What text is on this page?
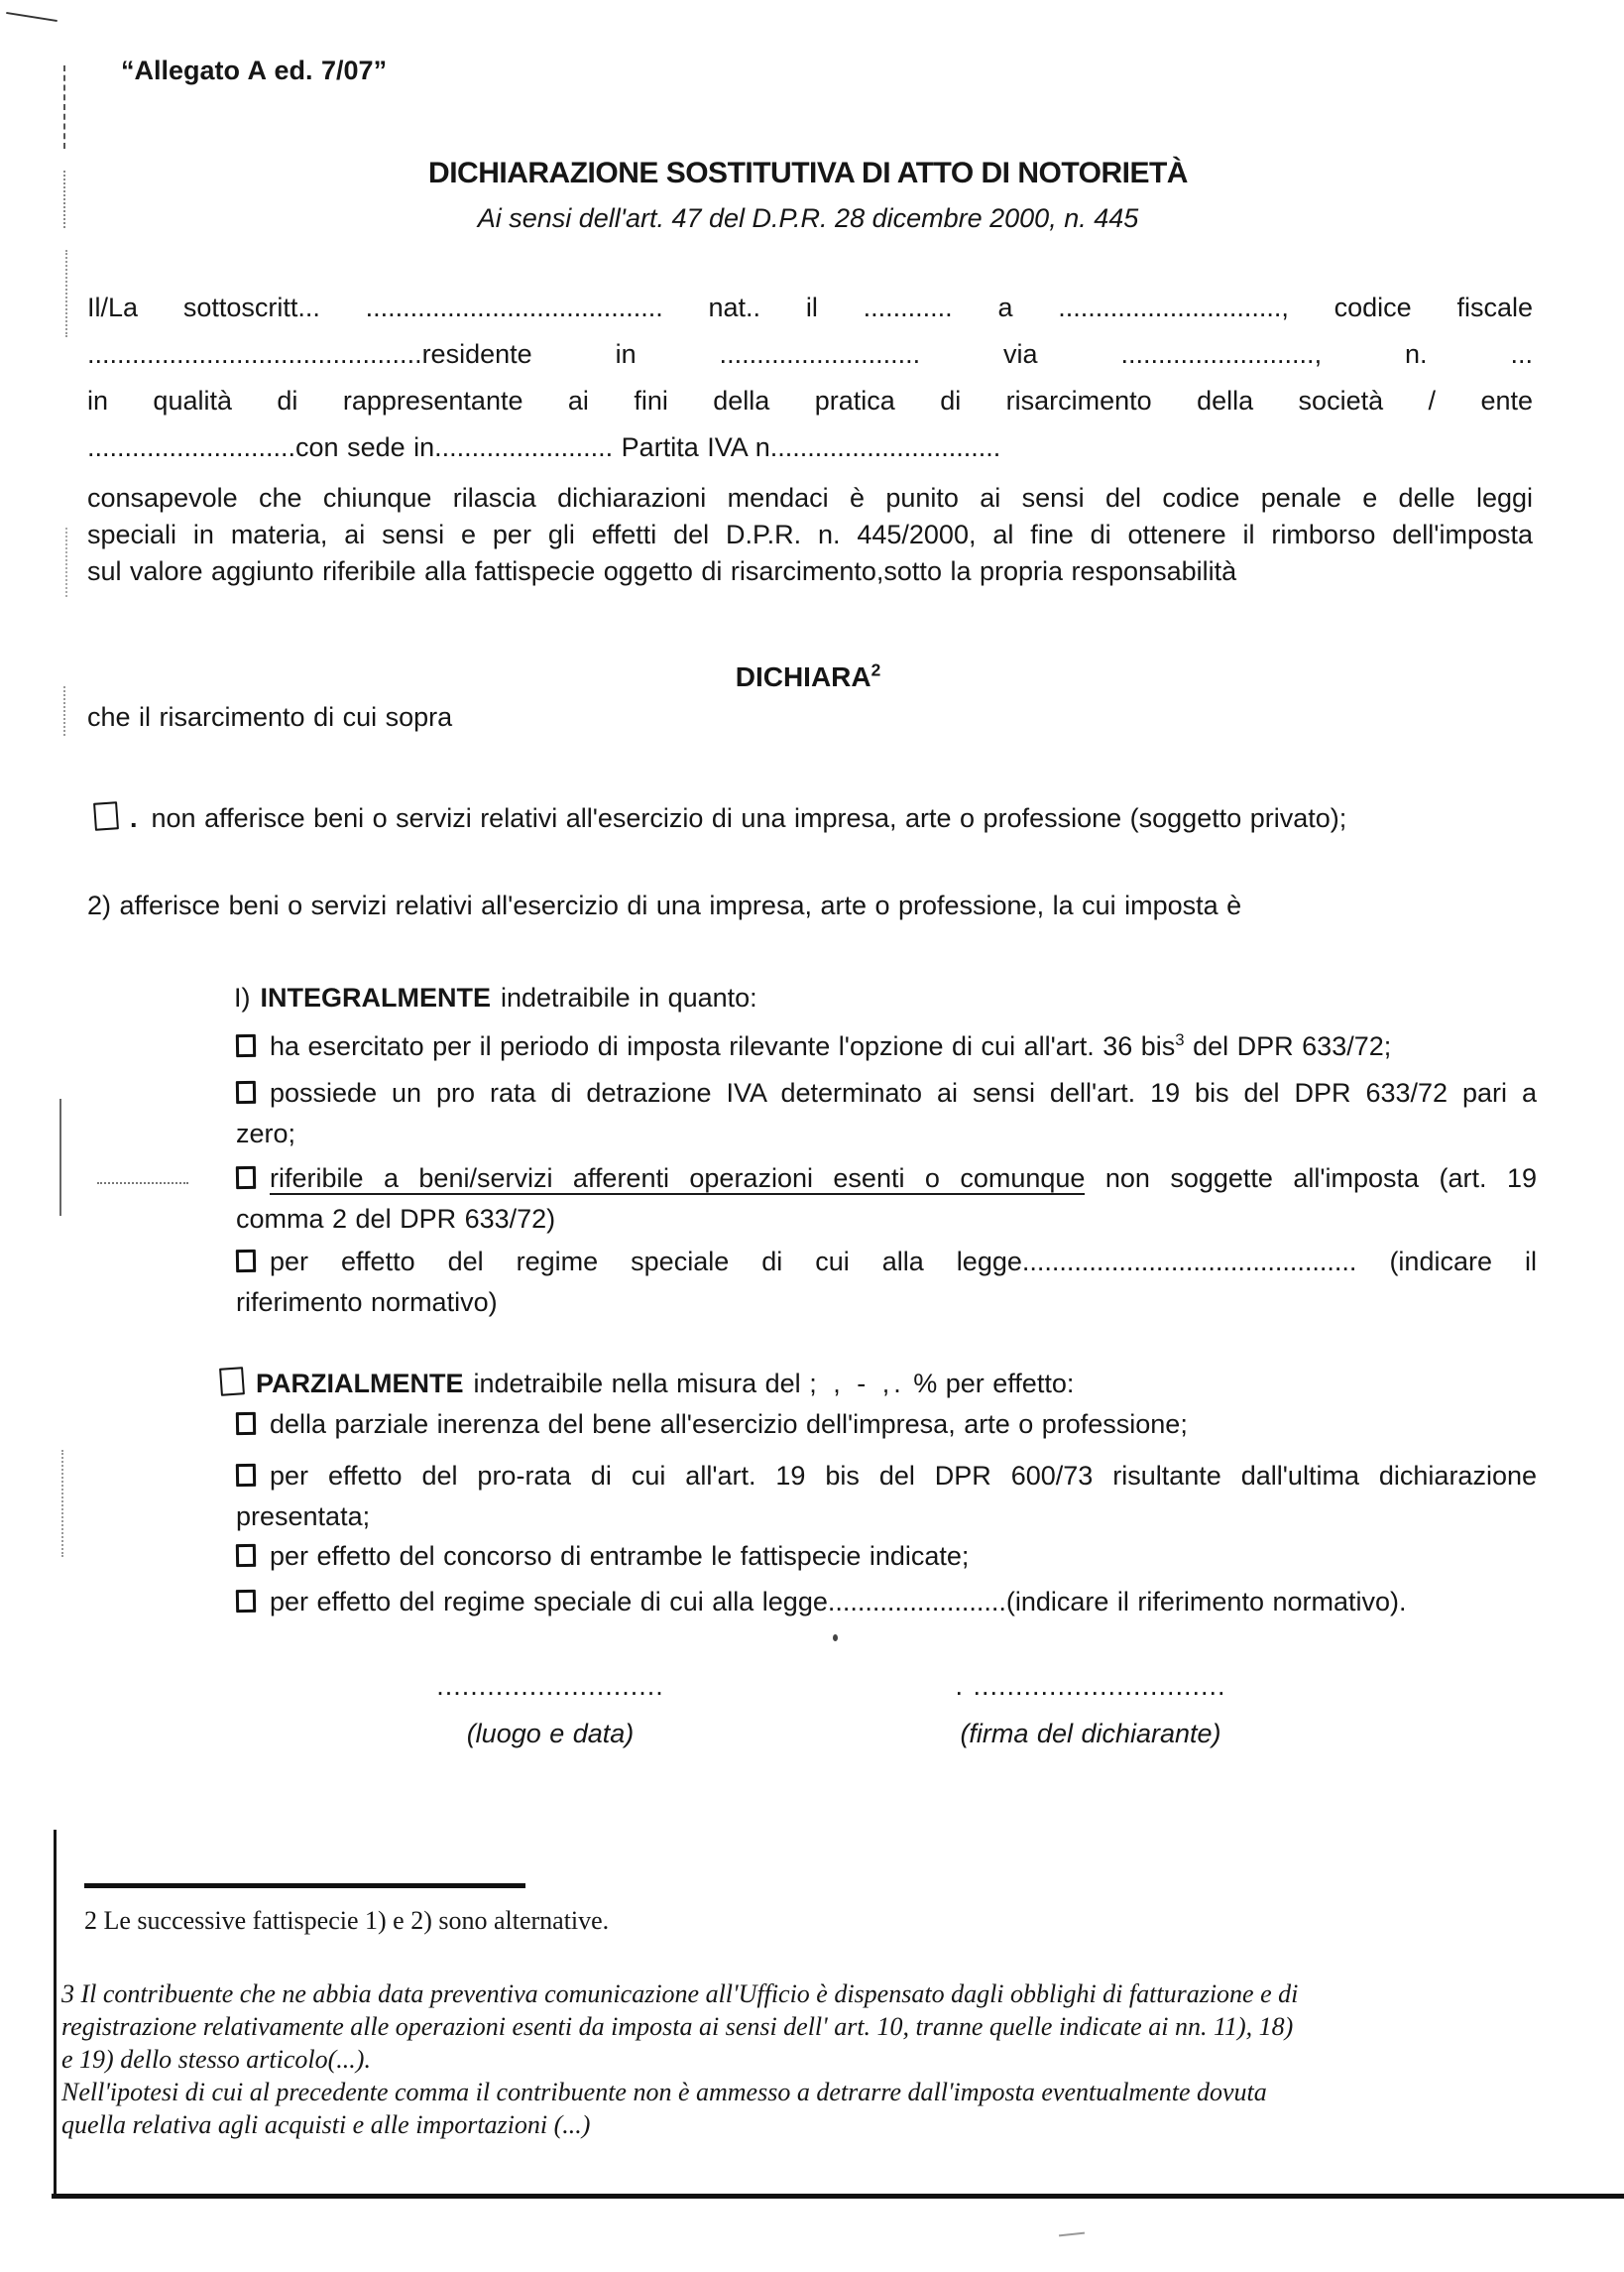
“Allegato A ed. 7/07”
DICHIARAZIONE SOSTITUTIVA DI ATTO DI NOTORIETÀ
Ai sensi dell'art. 47 del D.P.R. 28 dicembre 2000, n. 445
Il/La sottoscritt... ........................................ nat.. il ............ a .............................., codice fiscale
.............................................residente in ........................... via .........................., n. ...
in qualità di rappresentante ai fini della pratica di risarcimento della società / ente
............................con sede in........................ Partita IVA n...............................
consapevole che chiunque rilascia dichiarazioni mendaci è punito ai sensi del codice penale e delle leggi
speciali in materia, ai sensi e per gli effetti del D.P.R. n. 445/2000, al fine di ottenere il rimborso dell'imposta
sul valore aggiunto riferibile alla fattispecie oggetto di risarcimento,sotto la propria responsabilità
DICHIARA$^2$
che il risarcimento di cui sopra
. non afferisce beni o servizi relativi all'esercizio di una impresa, arte o professione (soggetto privato);
2) afferisce beni o servizi relativi all'esercizio di una impresa, arte o professione, la cui imposta è
I) INTEGRALMENTE indetraibile in quanto:
ha esercitato per il periodo di imposta rilevante l'opzione di cui all'art. 36 bis$^3$ del DPR 633/72;
possiede un pro rata di detrazione IVA determinato ai sensi dell'art. 19 bis del DPR 633/72 pari a
zero;
riferibile a beni/servizi afferenti operazioni esenti o comunque non soggette all'imposta (art. 19
comma 2 del DPR 633/72)
per effetto del regime speciale di cui alla legge............................................. (indicare il
riferimento normativo)
PARZIALMENTE indetraibile nella misura del ; , - ,. % per effetto:
della parziale inerenza del bene all'esercizio dell'impresa, arte o professione;
per effetto del pro-rata di cui all'art. 19 bis del DPR 600/73 risultante dall'ultima dichiarazione
presentata;
per effetto del concorso di entrambe le fattispecie indicate;
per effetto del regime speciale di cui alla legge........................(indicare il riferimento normativo).
...........................	. ..............................
(luogo e data)	(firma del dichiarante)
2 Le successive fattispecie 1) e 2) sono alternative.
3 Il contribuente che ne abbia data preventiva comunicazione all'Ufficio è dispensato dagli obblighi di fatturazione e di
registrazione relativamente alle operazioni esenti da imposta ai sensi dell' art. 10, tranne quelle indicate ai nn. 11), 18)
e 19) dello stesso articolo(...).
Nell'ipotesi di cui al precedente comma il contribuente non è ammesso a detrarre dall'imposta eventualmente dovuta
quella relativa agli acquisti e alle importazioni (...)
